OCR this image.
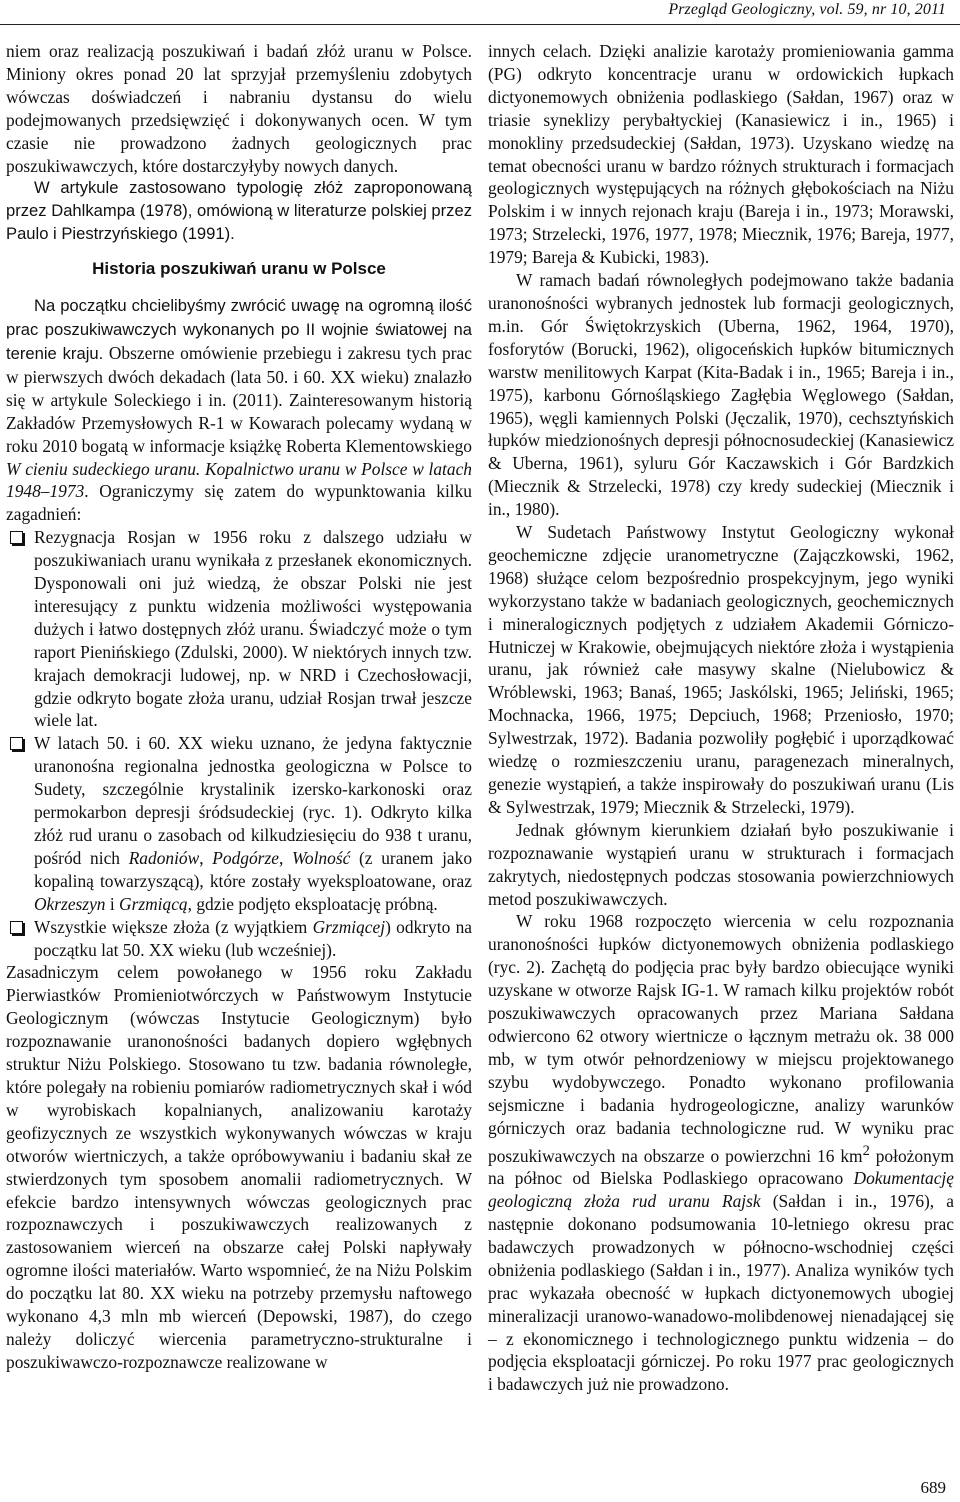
Przegląd Geologiczny, vol. 59, nr 10, 2011

niem oraz realizacją poszukiwań i badań złóż uranu w Polsce. Miniony okres ponad 20 lat sprzyjał przemyśleniu zdobytych wówczas doświadczeń i nabraniu dystansu do wielu podejmowanych przedsięwzięć i dokonywanych ocen. W tym czasie nie prowadzono żadnych geologicznych prac poszukiwawczych, które dostarczyłyby nowych danych.

W artykule zastosowano typologię złóż zaproponowaną przez Dahlkampa (1978), omówioną w literaturze polskiej przez Paulo i Piestrzyńskiego (1991).

Historia poszukiwań uranu w Polsce

Na początku chcielibyśmy zwrócić uwagę na ogromną ilość prac poszukiwawczych wykonanych po II wojnie światowej na terenie kraju. Obszerne omówienie przebiegu i zakresu tych prac w pierwszych dwóch dekadach (lata 50. i 60. XX wieku) znalazło się w artykule Soleckiego i in. (2011). Zainteresowanym historią Zakładów Przemysłowych R-1 w Kowarach polecamy wydaną w roku 2010 bogatą w informacje książkę Roberta Klementowskiego W cieniu sudeckiego uranu. Kopalnictwo uranu w Polsce w latach 1948–1973. Ograniczymy się zatem do wypunktowania kilku zagadnień:

Rezygnacja Rosjan w 1956 roku z dalszego udziału w poszukiwaniach uranu wynikała z przesłanek ekonomicznych. Dysponowali oni już wiedzą, że obszar Polski nie jest interesujący z punktu widzenia możliwości występowania dużych i łatwo dostępnych złóż uranu. Świadczyć może o tym raport Pienińskiego (Zdulski, 2000). W niektórych innych tzw. krajach demokracji ludowej, np. w NRD i Czechosłowacji, gdzie odkryto bogate złoża uranu, udział Rosjan trwał jeszcze wiele lat.
W latach 50. i 60. XX wieku uznano, że jedyna faktycznie uranonośna regionalna jednostka geologiczna w Polsce to Sudety, szczególnie krystalinik izersko-karkonoski oraz permokarbon depresji śródsudeckiej (ryc. 1). Odkryto kilka złóż rud uranu o zasobach od kilkudziesięciu do 938 t uranu, pośród nich Radoniów, Podgórze, Wolność (z uranem jako kopaliną towarzyszącą), które zostały wyeksploatowane, oraz Okrzeszyn i Grzmiącą, gdzie podjęto eksploatację próbną.
Wszystkie większe złoża (z wyjątkiem Grzmiącej) odkryto na początku lat 50. XX wieku (lub wcześniej).

Zasadniczym celem powołanego w 1956 roku Zakładu Pierwiastków Promieniotwórczych w Państwowym Instytucie Geologicznym (wówczas Instytucie Geologicznym) było rozpoznawanie uranonośności badanych dopiero wgłębnych struktur Niżu Polskiego. Stosowano tu tzw. badania równoległe, które polegały na robieniu pomiarów radiometrycznych skał i wód w wyrobiskach kopalnianych, analizowaniu karotaży geofizycznych ze wszystkich wykonywanych wówczas w kraju otworów wiertniczych, a także opróbowywaniu i badaniu skał ze stwierdzonych tym sposobem anomalii radiometrycznych. W efekcie bardzo intensywnych wówczas geologicznych prac rozpoznawczych i poszukiwawczych realizowanych z zastosowaniem wierceń na obszarze całej Polski napływały ogromne ilości materiałów. Warto wspomnieć, że na Niżu Polskim do początku lat 80. XX wieku na potrzeby przemysłu naftowego wykonano 4,3 mln mb wierceń (Depowski, 1987), do czego należy doliczyć wiercenia parametryczno-strukturalne i poszukiwawczo-rozpoznawcze realizowane w

innych celach. Dzięki analizie karotaży promieniowania gamma (PG) odkryto koncentracje uranu w ordowickich łupkach dictyonemowych obniżenia podlaskiego (Sałdan, 1967) oraz w triasie syneklizy perybałtyckiej (Kanasiewicz i in., 1965) i monokliny przedsudeckiej (Sałdan, 1973). Uzyskano wiedzę na temat obecności uranu w bardzo różnych strukturach i formacjach geologicznych występujących na różnych głębokościach na Niżu Polskim i w innych rejonach kraju (Bareja i in., 1973; Morawski, 1973; Strzelecki, 1976, 1977, 1978; Miecznik, 1976; Bareja, 1977, 1979; Bareja & Kubicki, 1983).

W ramach badań równoległych podejmowano także badania uranonośności wybranych jednostek lub formacji geologicznych, m.in. Gór Świętokrzyskich (Uberna, 1962, 1964, 1970), fosforytów (Borucki, 1962), oligoceńskich łupków bitumicznych warstw menilitowych Karpat (Kita-Badak i in., 1965; Bareja i in., 1975), karbonu Górnośląskiego Zagłębia Węglowego (Sałdan, 1965), węgli kamiennych Polski (Jęczalik, 1970), cechsztyńskich łupków miedzionośnych depresji północnosudeckiej (Kanasiewicz & Uberna, 1961), syluru Gór Kaczawskich i Gór Bardzkich (Miecznik & Strzelecki, 1978) czy kredy sudeckiej (Miecznik i in., 1980).

W Sudetach Państwowy Instytut Geologiczny wykonał geochemiczne zdjęcie uranometryczne (Zajączkowski, 1962, 1968) służące celom bezpośrednio prospekcyjnym, jego wyniki wykorzystano także w badaniach geologicznych, geochemicznych i mineralogicznych podjętych z udziałem Akademii Górniczo-Hutniczej w Krakowie, obejmujących niektóre złoża i wystąpienia uranu, jak również całe masywy skalne (Nielubowicz & Wróblewski, 1963; Banaś, 1965; Jaskólski, 1965; Jeliński, 1965; Mochnacka, 1966, 1975; Depciuch, 1968; Przeniosło, 1970; Sylwestrzak, 1972). Badania pozwoliły pogłębić i uporządkować wiedzę o rozmieszczeniu uranu, paragenezach mineralnych, genezie wystąpień, a także inspirowały do poszukiwań uranu (Lis & Sylwestrzak, 1979; Miecznik & Strzelecki, 1979).

Jednak głównym kierunkiem działań było poszukiwanie i rozpoznawanie wystąpień uranu w strukturach i formacjach zakrytych, niedostępnych podczas stosowania powierzchniowych metod poszukiwawczych.

W roku 1968 rozpoczęto wiercenia w celu rozpoznania uranonośności łupków dictyonemowych obniżenia podlaskiego (ryc. 2). Zachętą do podjęcia prac były bardzo obiecujące wyniki uzyskane w otworze Rajsk IG-1. W ramach kilku projektów robót poszukiwawczych opracowanych przez Mariana Sałdana odwiercono 62 otwory wiertnicze o łącznym metrażu ok. 38 000 mb, w tym otwór pełnordzeniowy w miejscu projektowanego szybu wydobywczego. Ponadto wykonano profilowania sejsmiczne i badania hydrogeologiczne, analizy warunków górniczych oraz badania technologiczne rud. W wyniku prac poszukiwawczych na obszarze o powierzchni 16 $km^2$ położonym na północ od Bielska Podlaskiego opracowano Dokumentację geologiczną złoża rud uranu Rajsk (Sałdan i in., 1976), a następnie dokonano podsumowania 10-letniego okresu prac badawczych prowadzonych w północno-wschodniej części obniżenia podlaskiego (Sałdan i in., 1977). Analiza wyników tych prac wykazała obecność w łupkach dictyonemowych ubogiej mineralizacji uranowo-wanadowo-molibdenowej nienadającej się – z ekonomicznego i technologicznego punktu widzenia – do podjęcia eksploatacji górniczej. Po roku 1977 prac geologicznych i badawczych już nie prowadzono.

689
